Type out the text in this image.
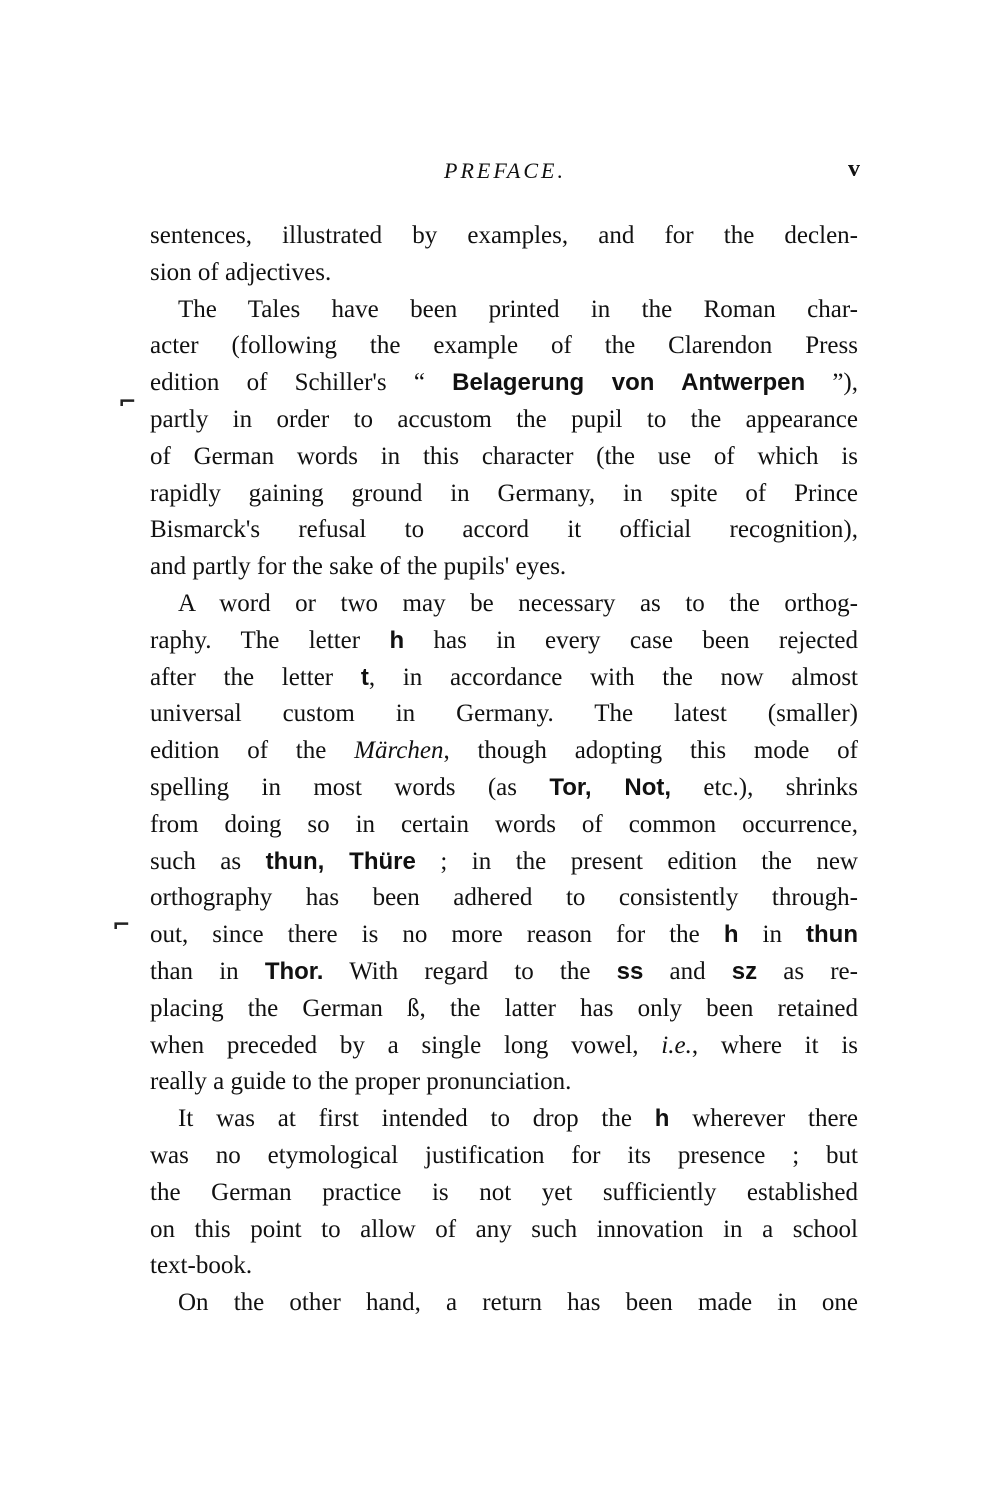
PREFACE.	v
⌐
⌐
sentences, illustrated by examples, and for the declen-
sion of adjectives.
The Tales have been printed in the Roman char-
acter (following the example of the Clarendon Press
edition of Schiller's “ Belagerung von Antwerpen ”),
partly in order to accustom the pupil to the appearance
of German words in this character (the use of which is
rapidly gaining ground in Germany, in spite of Prince
Bismarck's refusal to accord it official recognition),
and partly for the sake of the pupils' eyes.
A word or two may be necessary as to the orthog-
raphy. The letter h has in every case been rejected
after the letter t, in accordance with the now almost
universal custom in Germany. The latest (smaller)
edition of the Märchen, though adopting this mode of
spelling in most words (as Tor, Not, etc.), shrinks
from doing so in certain words of common occurrence,
such as thun, Thüre ; in the present edition the new
orthography has been adhered to consistently through-
out, since there is no more reason for the h in thun
than in Thor. With regard to the ss and sz as re-
placing the German ß, the latter has only been retained
when preceded by a single long vowel, i.e., where it is
really a guide to the proper pronunciation.
It was at first intended to drop the h wherever there
was no etymological justification for its presence ; but
the German practice is not yet sufficiently established
on this point to allow of any such innovation in a school
text-book.
On the other hand, a return has been made in one
